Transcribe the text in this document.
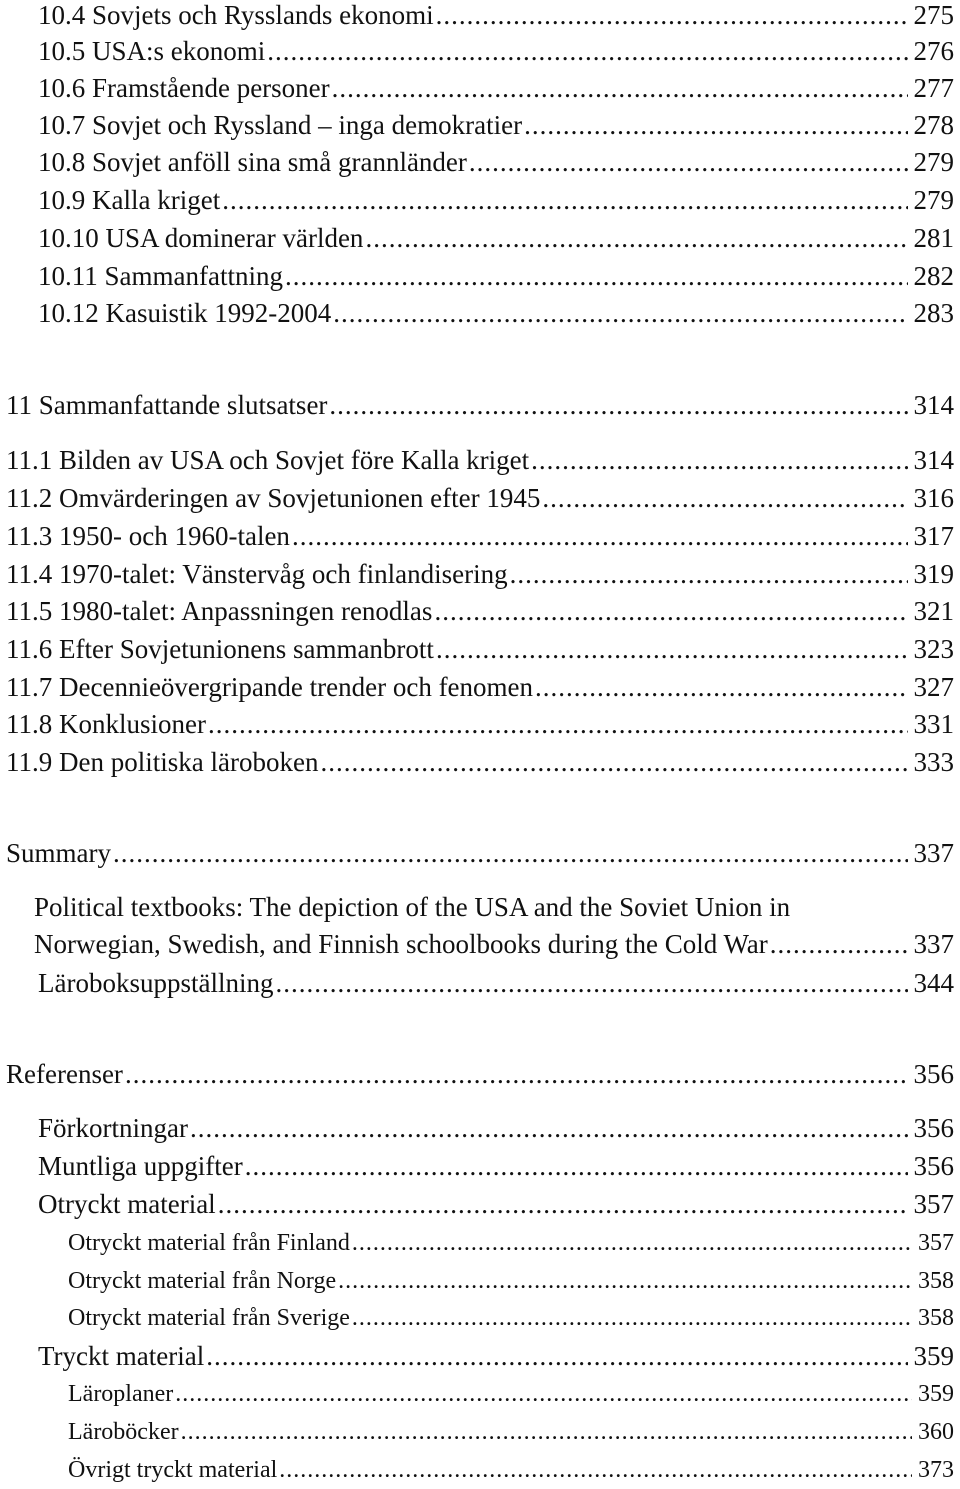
10.4 Sovjets och Rysslands ekonomi .....	275
10.5 USA:s ekonomi .....	276
10.6 Framstående personer .....	277
10.7 Sovjet och Ryssland – inga demokratier .....	278
10.8 Sovjet anföll sina små grannländer .....	279
10.9 Kalla kriget .....	279
10.10 USA dominerar världen .....	281
10.11 Sammanfattning .....	282
10.12 Kasuistik 1992-2004 .....	283
11 Sammanfattande slutsatser .....	314
11.1 Bilden av USA och Sovjet före Kalla kriget .....	314
11.2 Omvärderingen av Sovjetunionen efter 1945 .....	316
11.3 1950- och 1960-talen .....	317
11.4 1970-talet: Vänstervåg och finlandisering .....	319
11.5 1980-talet: Anpassningen renodlas .....	321
11.6 Efter Sovjetunionens sammanbrott .....	323
11.7 Decennieövergripande trender och fenomen .....	327
11.8 Konklusioner .....	331
11.9 Den politiska läroboken .....	333
Summary .....	337
Political textbooks: The depiction of the USA and the Soviet Union in
Norwegian, Swedish, and Finnish schoolbooks during the Cold War .....	337
Läroboksuppställning .....	344
Referenser .....	356
Förkortningar .....	356
Muntliga uppgifter .....	356
Otryckt material .....	357
Otryckt material från Finland .....	357
Otryckt material från Norge .....	358
Otryckt material från Sverige .....	358
Tryckt material .....	359
Läroplaner .....	359
Läroböcker .....	360
Övrigt tryckt material .....	373
